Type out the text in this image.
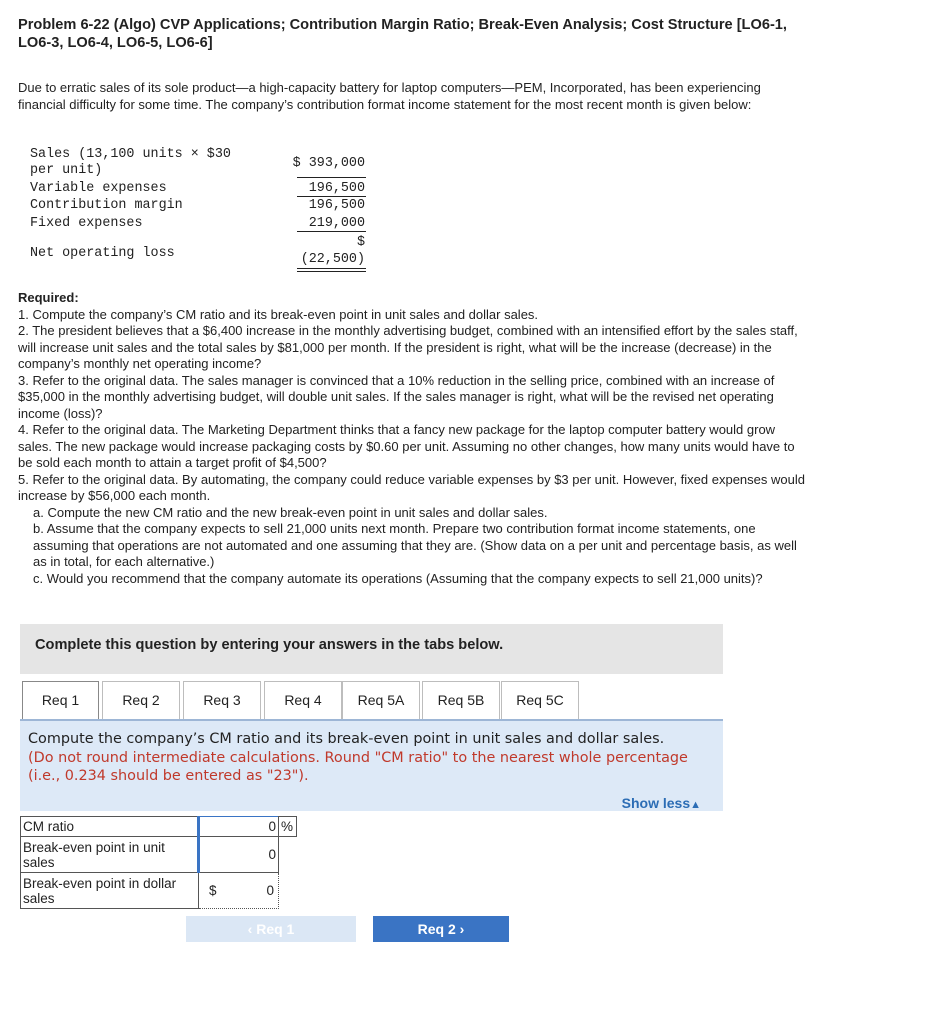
Problem 6-22 (Algo) CVP Applications; Contribution Margin Ratio; Break-Even Analysis; Cost Structure [LO6-1, LO6-3, LO6-4, LO6-5, LO6-6]
Due to erratic sales of its sole product—a high-capacity battery for laptop computers—PEM, Incorporated, has been experiencing financial difficulty for some time. The company’s contribution format income statement for the most recent month is given below:
Sales (13,100 units × $30
per unit)	$ 393,000
Variable expenses	196,500
Contribution margin	196,500
Fixed expenses	219,000
$
Net operating loss	(22,500)

Required:

1. Compute the company’s CM ratio and its break-even point in unit sales and dollar sales.

2. The president believes that a $6,400 increase in the monthly advertising budget, combined with an intensified effort by the sales staff, will increase unit sales and the total sales by $81,000 per month. If the president is right, what will be the increase (decrease) in the company’s monthly net operating income?

3. Refer to the original data. The sales manager is convinced that a 10% reduction in the selling price, combined with an increase of $35,000 in the monthly advertising budget, will double unit sales. If the sales manager is right, what will be the revised net operating income (loss)?

4. Refer to the original data. The Marketing Department thinks that a fancy new package for the laptop computer battery would grow sales. The new package would increase packaging costs by $0.60 per unit. Assuming no other changes, how many units would have to be sold each month to attain a target profit of $4,500?

5. Refer to the original data. By automating, the company could reduce variable expenses by $3 per unit. However, fixed expenses would increase by $56,000 each month.

a. Compute the new CM ratio and the new break-even point in unit sales and dollar sales.

b. Assume that the company expects to sell 21,000 units next month. Prepare two contribution format income statements, one assuming that operations are not automated and one assuming that they are. (Show data on a per unit and percentage basis, as well as in total, for each alternative.)

c. Would you recommend that the company automate its operations (Assuming that the company expects to sell 21,000 units)?

Complete this question by entering your answers in the tabs below.
Req 1	Req 2	Req 3	Req 4	Req 5A	Req 5B	Req 5C
Compute the company’s CM ratio and its break-even point in unit sales and dollar sales.
(Do not round intermediate calculations. Round "CM ratio" to the nearest whole percentage (i.e., 0.234 should be entered as "23").
Show less▲
CM ratio	0	%
Break-even point in unit sales	0	
Break-even point in dollar sales	$ 0	

‹ Req 1	Req 2 ›
